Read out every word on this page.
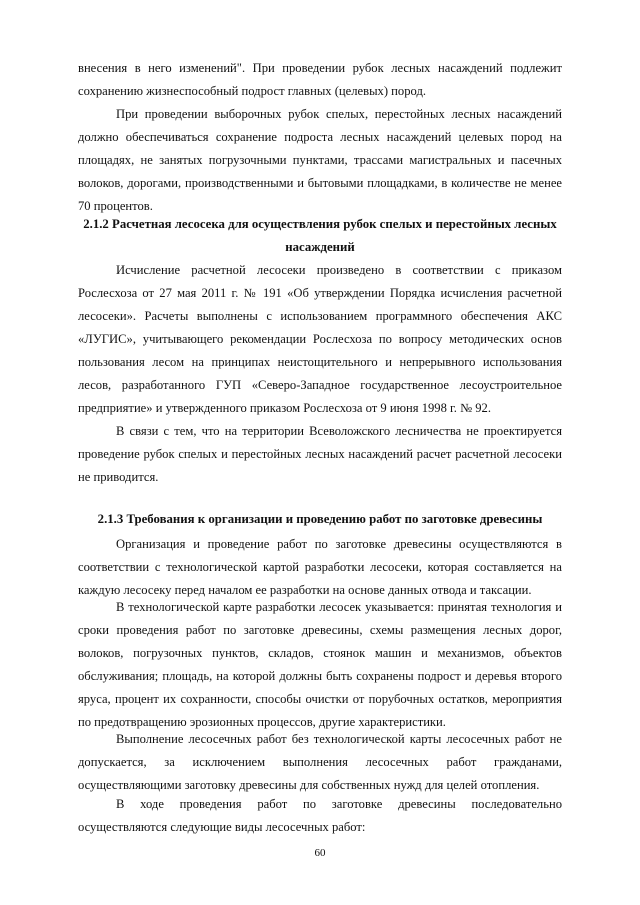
внесения в него изменений". При проведении рубок лесных насаждений подлежит сохранению жизнеспособный подрост главных (целевых) пород.

При проведении выборочных рубок спелых, перестойных лесных насаждений должно обеспечиваться сохранение подроста лесных насаждений целевых пород на площадях, не занятых погрузочными пунктами, трассами магистральных и пасечных волоков, дорогами, производственными и бытовыми площадками, в количестве не менее 70 процентов.

2.1.2 Расчетная лесосека для осуществления рубок спелых и перестойных лесных насаждений

Исчисление расчетной лесосеки произведено в соответствии с приказом Рослесхоза от 27 мая 2011 г. № 191 «Об утверждении Порядка исчисления расчетной лесосеки». Расчеты выполнены с использованием программного обеспечения АКС «ЛУГИС», учитывающего рекомендации Рослесхоза по вопросу методических основ пользования лесом на принципах неистощительного и непрерывного использования лесов, разработанного ГУП «Северо-Западное государственное лесоустроительное предприятие» и утвержденного приказом Рослесхоза от 9 июня 1998 г. № 92.

В связи с тем, что на территории Всеволожского лесничества не проектируется проведение рубок спелых и перестойных лесных насаждений расчет расчетной лесосеки не приводится.

2.1.3 Требования к организации и проведению работ по заготовке древесины

Организация и проведение работ по заготовке древесины осуществляются в соответствии с технологической картой разработки лесосеки, которая составляется на каждую лесосеку перед началом ее разработки на основе данных отвода и таксации.

В технологической карте разработки лесосек указывается: принятая технология и сроки проведения работ по заготовке древесины, схемы размещения лесных дорог, волоков, погрузочных пунктов, складов, стоянок машин и механизмов, объектов обслуживания; площадь, на которой должны быть сохранены подрост и деревья второго яруса, процент их сохранности, способы очистки от порубочных остатков, мероприятия по предотвращению эрозионных процессов, другие характеристики.

Выполнение лесосечных работ без технологической карты лесосечных работ не допускается, за исключением выполнения лесосечных работ гражданами, осуществляющими заготовку древесины для собственных нужд для целей отопления.

В ходе проведения работ по заготовке древесины последовательно осуществляются следующие виды лесосечных работ:

60
